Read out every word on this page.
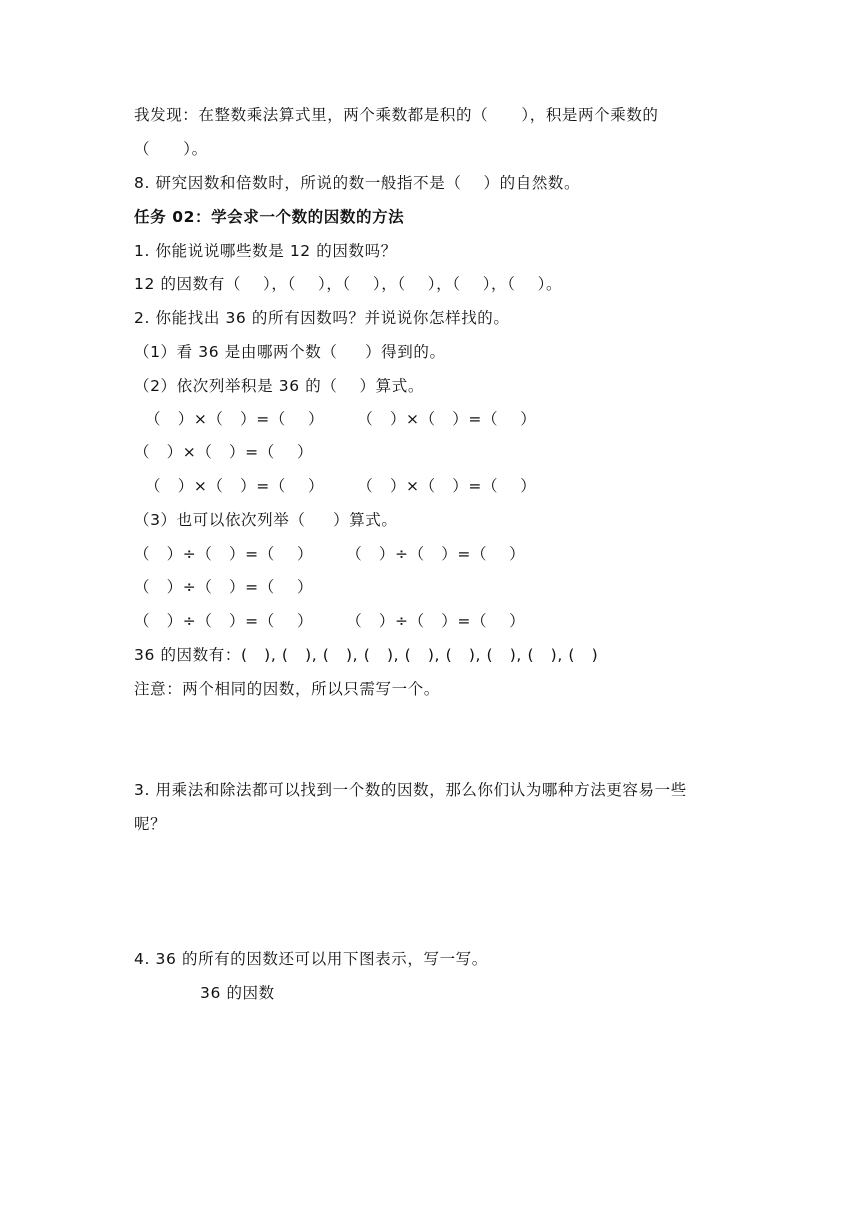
我发现：在整数乘法算式里，两个乘数都是积的（      ），积是两个乘数的
（      ）。
8. 研究因数和倍数时，所说的数一般指不是（    ）的自然数。
任务 02：学会求一个数的因数的方法
1. 你能说说哪些数是 12 的因数吗？
12 的因数有（    ），（    ），（    ），（    ），（    ），（    ）。
2. 你能找出 36 的所有因数吗？并说说你怎样找的。
（1）看 36 是由哪两个数（     ）得到的。
（2）依次列举积是 36 的（    ）算式。
（   ）×（   ）=（    ）      （   ）×（   ）=（    ）
（   ）×（   ）=（    ）
（   ）×（   ）=（    ）      （   ）×（   ）=（    ）
（3）也可以依次列举（     ）算式。
（   ）÷（   ）=（    ）      （   ）÷（   ）=（    ）
（   ）÷（   ）=（    ）
（   ）÷（   ）=（    ）      （   ）÷（   ）=（    ）
36 的因数有：(   ), (   ), (   ), (   ), (   ), (   ), (   ), (   ), (   )
注意：两个相同的因数，所以只需写一个。
3. 用乘法和除法都可以找到一个数的因数，那么你们认为哪种方法更容易一些
呢？
4. 36 的所有的因数还可以用下图表示，写一写。
36 的因数
